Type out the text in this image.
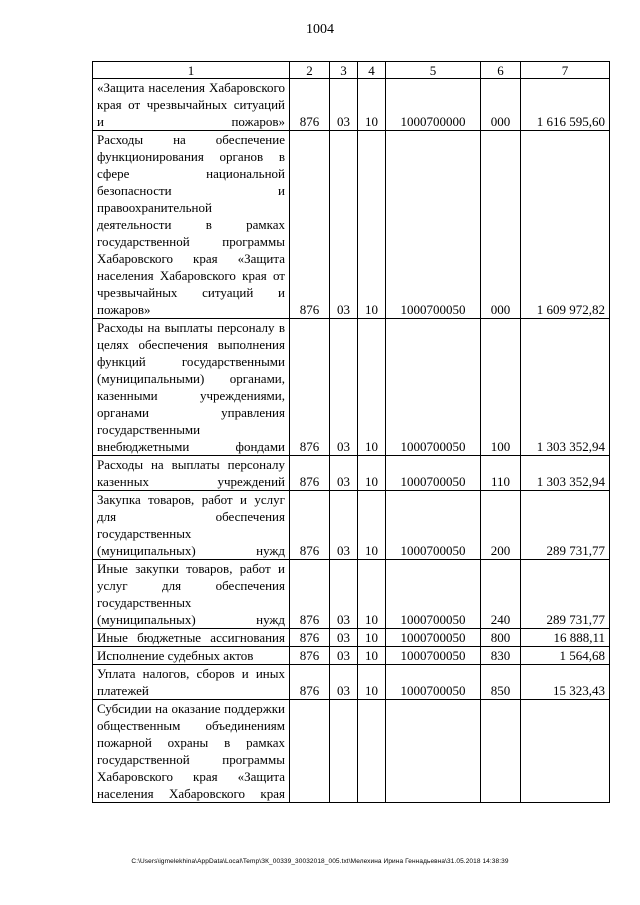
1004
1	2	3	4	5	6	7
«Защита населения Хабаровского края от чрезвычайных ситуаций и пожаров»	876	03	10	1000700000	000	1 616 595,60
Расходы на обеспечение функционирования органов в сфере национальной безопасности и правоохранительной деятельности в рамках государственной программы Хабаровского края «Защита населения Хабаровского края от чрезвычайных ситуаций и пожаров»	876	03	10	1000700050	000	1 609 972,82
Расходы на выплаты персоналу в целях обеспечения выполнения функций государственными (муниципальными) органами, казенными учреждениями, органами управления государственными внебюджетными фондами	876	03	10	1000700050	100	1 303 352,94
Расходы на выплаты персоналу казенных учреждений	876	03	10	1000700050	110	1 303 352,94
Закупка товаров, работ и услуг для обеспечения государственных (муниципальных) нужд	876	03	10	1000700050	200	289 731,77
Иные закупки товаров, работ и услуг для обеспечения государственных (муниципальных) нужд	876	03	10	1000700050	240	289 731,77
Иные бюджетные ассигнования	876	03	10	1000700050	800	16 888,11
Исполнение судебных актов	876	03	10	1000700050	830	1 564,68
Уплата налогов, сборов и иных платежей	876	03	10	1000700050	850	15 323,43
Субсидии на оказание поддержки общественным объединениям пожарной охраны в рамках государственной программы Хабаровского края «Защита населения Хабаровского края						
C:\Users\igmelekhina\AppData\Local\Temp\ЗК_00339_30032018_005.txt\Мелехина Ирина Геннадьевна\31.05.2018 14:38:39
